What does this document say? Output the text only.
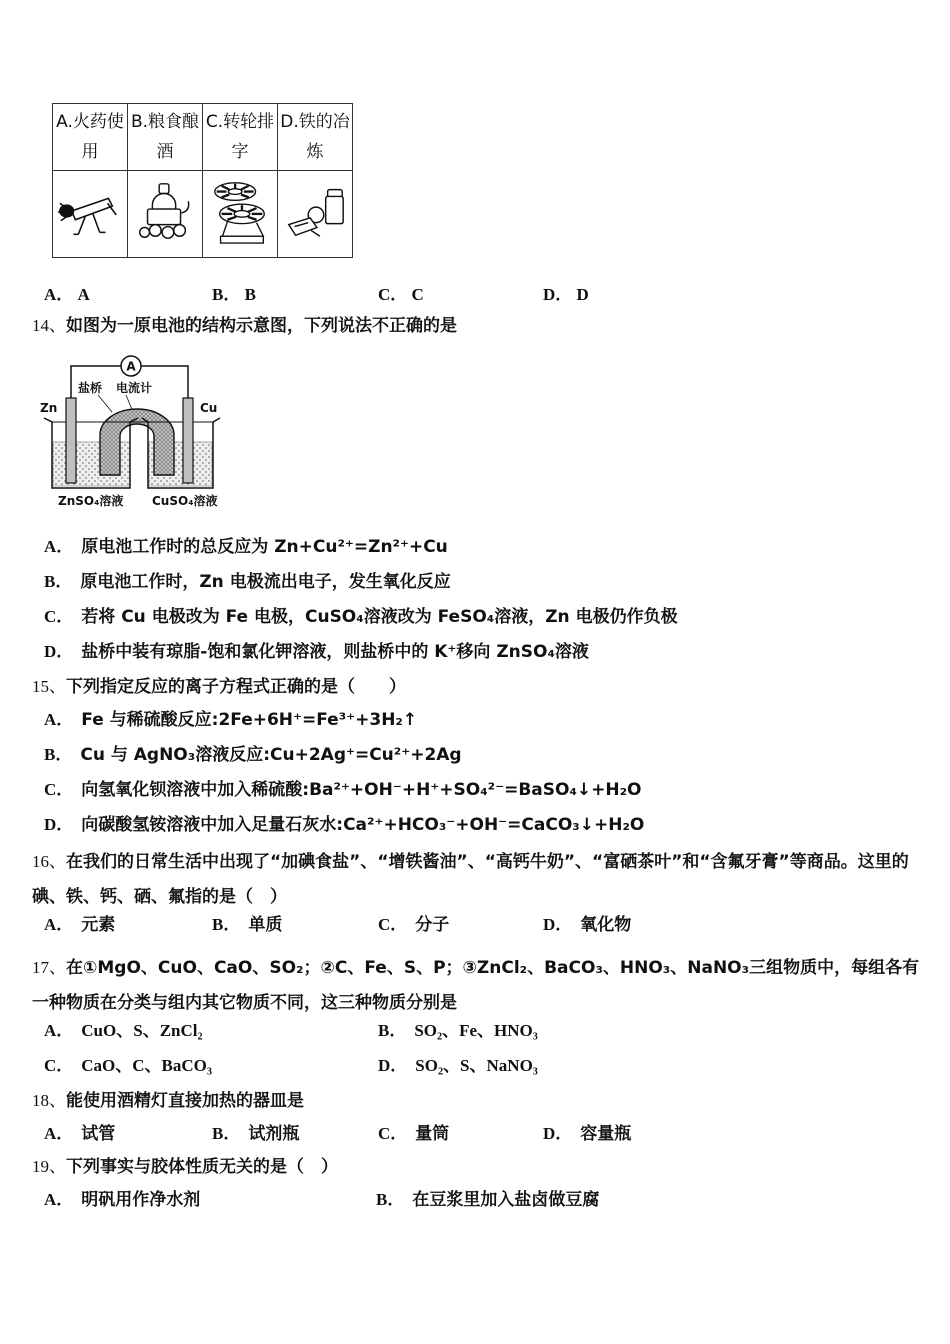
A.火药使用	B.粮食酿酒	C.转轮排字	D.铁的冶炼

A． A	B． B	C． C	D． D
14、如图为一原电池的结构示意图，下列说法不正确的是
A
盐桥 电流计
Zn	Cu
ZnSO₄溶液 CuSO₄溶液
A． 原电池工作时的总反应为 Zn+Cu²⁺=Zn²⁺+Cu
B． 原电池工作时，Zn 电极流出电子，发生氧化反应
C． 若将 Cu 电极改为 Fe 电极，CuSO₄溶液改为 FeSO₄溶液，Zn 电极仍作负极
D． 盐桥中装有琼脂-饱和氯化钾溶液，则盐桥中的 K⁺移向 ZnSO₄溶液
15、下列指定反应的离子方程式正确的是（　　）
A． Fe 与稀硫酸反应:2Fe+6H⁺=Fe³⁺+3H₂↑
B． Cu 与 AgNO₃溶液反应:Cu+2Ag⁺=Cu²⁺+2Ag
C． 向氢氧化钡溶液中加入稀硫酸:Ba²⁺+OH⁻+H⁺+SO₄²⁻=BaSO₄↓+H₂O
D． 向碳酸氢铵溶液中加入足量石灰水:Ca²⁺+HCO₃⁻+OH⁻=CaCO₃↓+H₂O
16、在我们的日常生活中出现了“加碘食盐”、“增铁酱油”、“高钙牛奶”、“富硒茶叶”和“含氟牙膏”等商品。这里的碘、铁、钙、硒、氟指的是（　）
A． 元素	B． 单质	C． 分子	D． 氧化物
17、在①MgO、CuO、CaO、SO₂；②C、Fe、S、P；③ZnCl₂、BaCO₃、HNO₃、NaNO₃三组物质中，每组各有一种物质在分类与组内其它物质不同，这三种物质分别是
A． CuO、S、ZnCl₂	B． SO₂、Fe、HNO₃
C． CaO、C、BaCO₃	D． SO₂、S、NaNO₃
18、能使用酒精灯直接加热的器皿是
A． 试管	B． 试剂瓶	C． 量筒	D． 容量瓶
19、下列事实与胶体性质无关的是（　）
A． 明矾用作净水剂	B． 在豆浆里加入盐卤做豆腐
